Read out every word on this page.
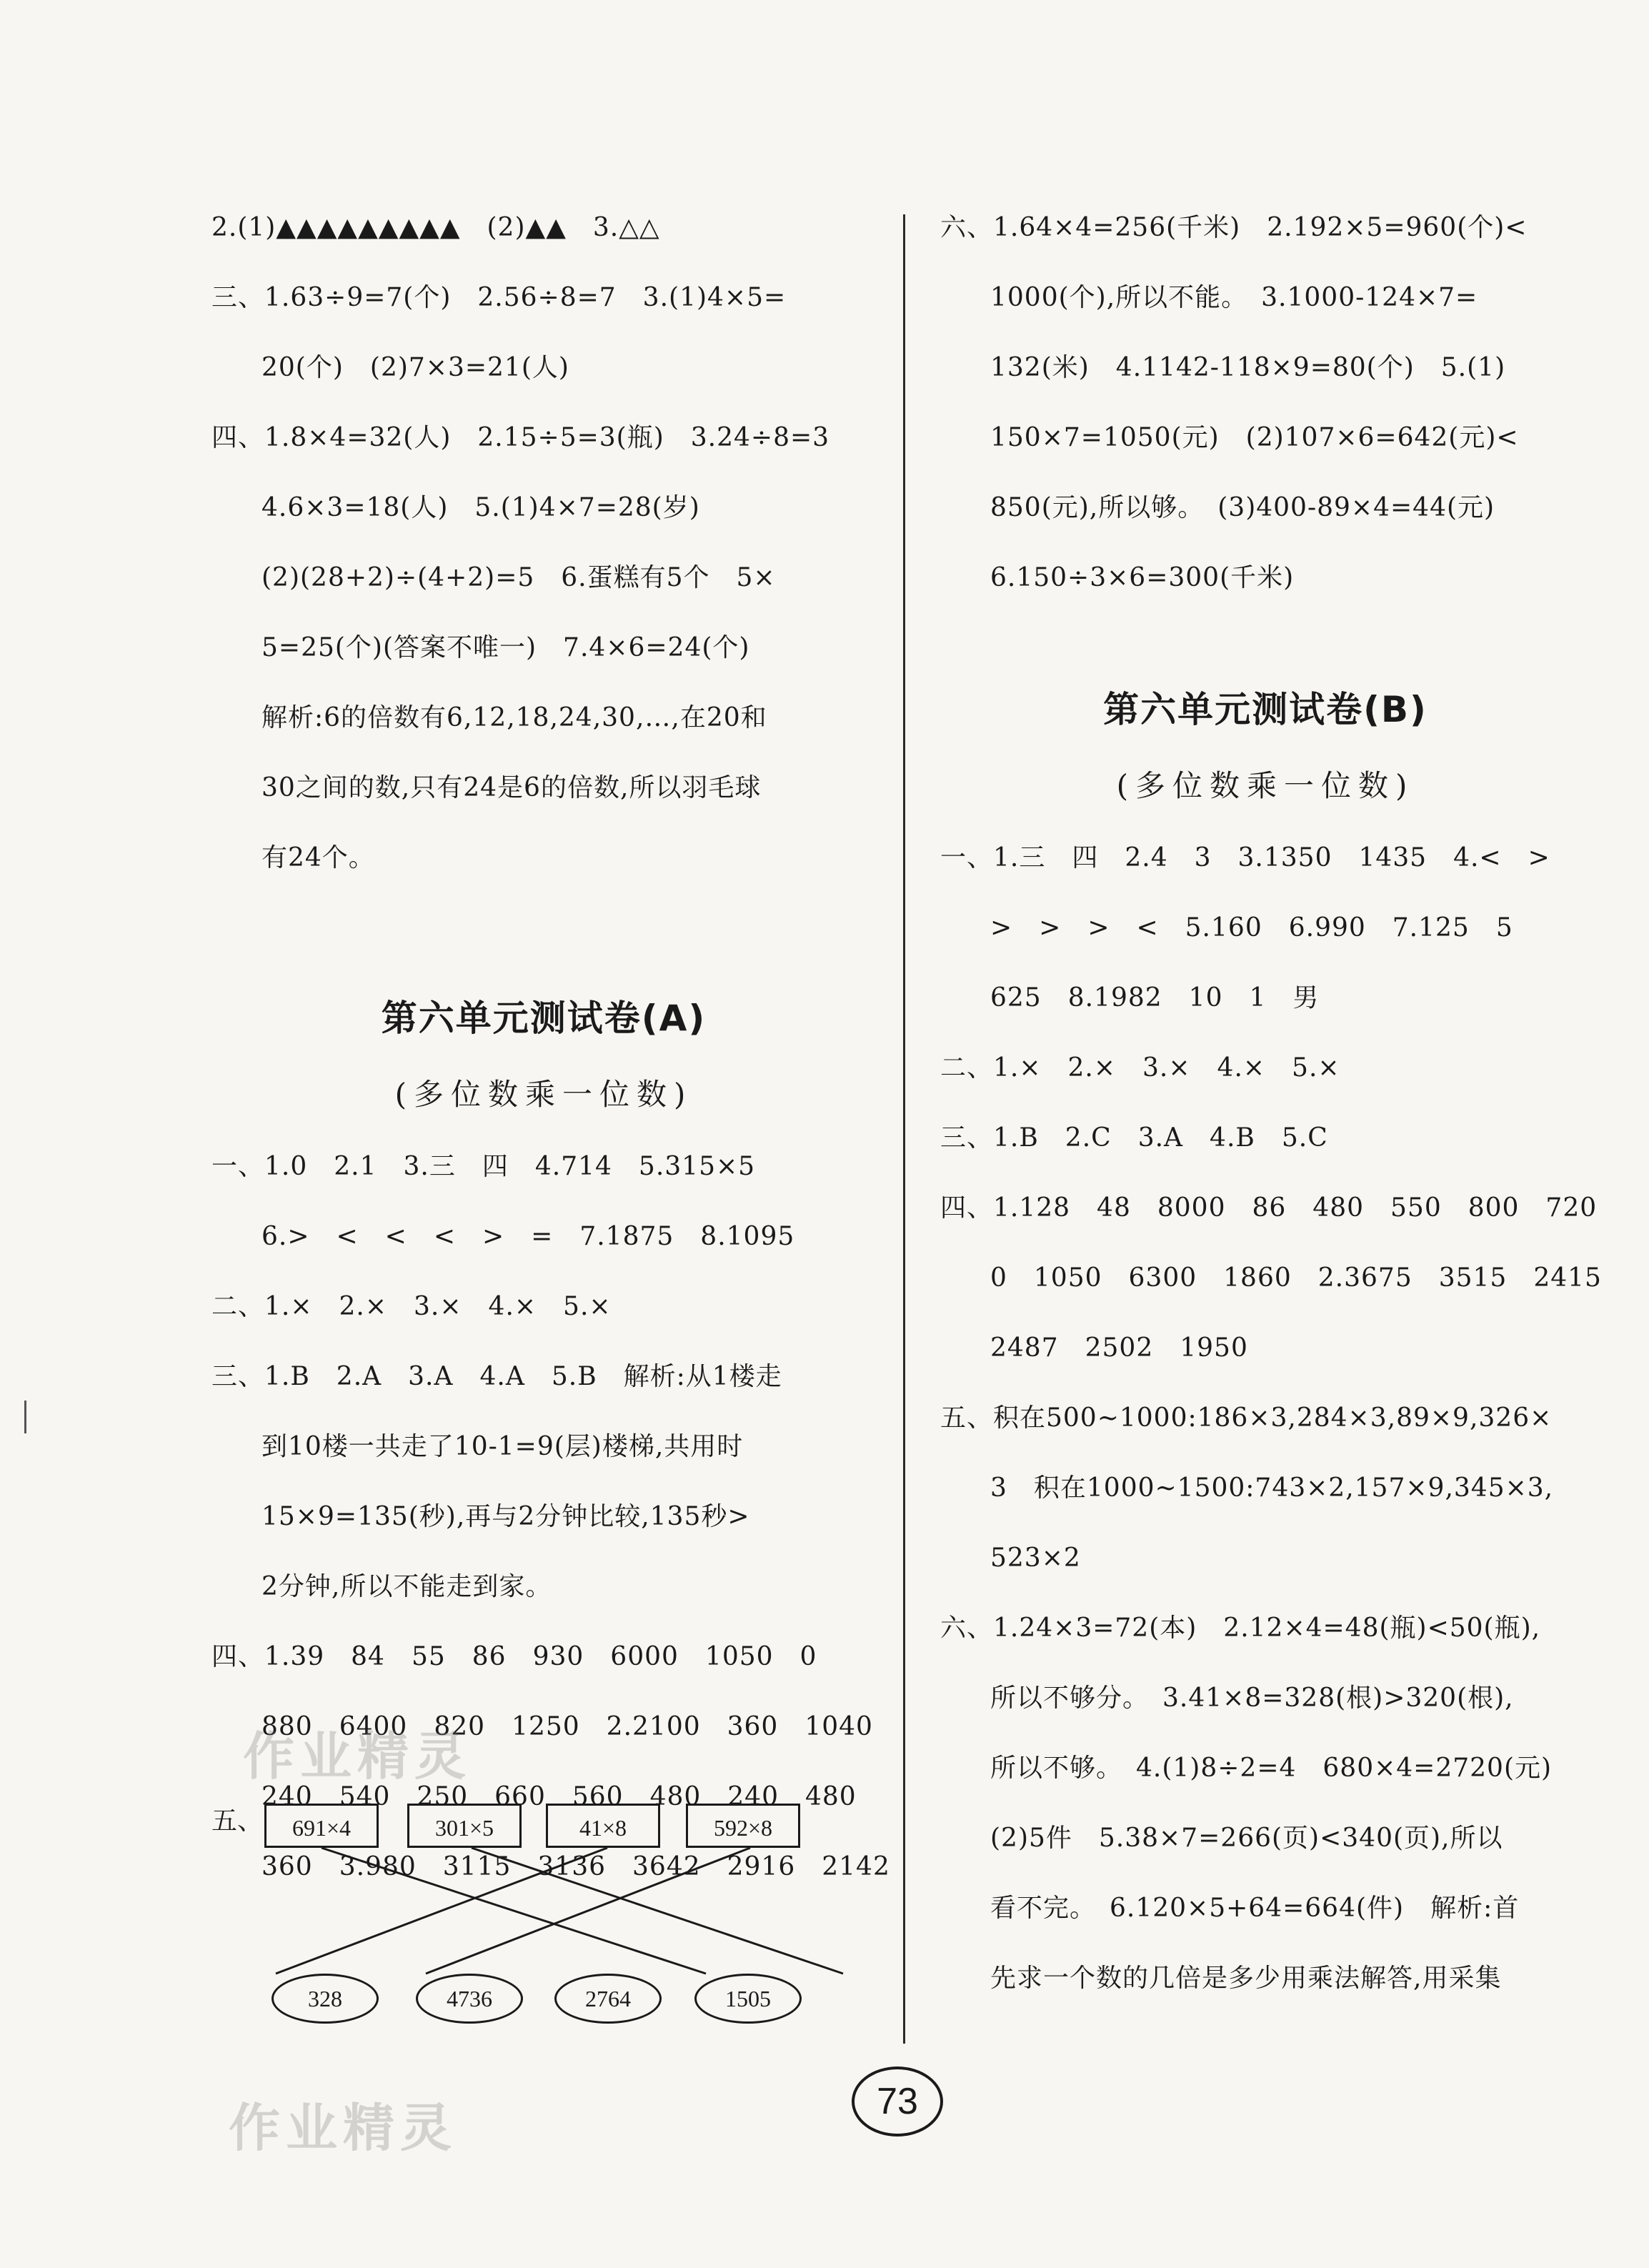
2.(1)▲▲▲▲▲▲▲▲▲　(2)▲▲　3.△△
三、1.63÷9=7(个)　2.56÷8=7　3.(1)4×5=
20(个)　(2)7×3=21(人)
四、1.8×4=32(人)　2.15÷5=3(瓶)　3.24÷8=3
4.6×3=18(人)　5.(1)4×7=28(岁)
(2)(28+2)÷(4+2)=5　6.蛋糕有5个　5×
5=25(个)(答案不唯一)　7.4×6=24(个)
解析:6的倍数有6,12,18,24,30,…,在20和
30之间的数,只有24是6的倍数,所以羽毛球
有24个。
第六单元测试卷(A)
(多位数乘一位数)
一、1.0　2.1　3.三　四　4.714　5.315×5
6.>　<　<　<　>　=　7.1875　8.1095
二、1.×　2.×　3.×　4.×　5.×
三、1.B　2.A　3.A　4.A　5.B　解析:从1楼走
到10楼一共走了10-1=9(层)楼梯,共用时
15×9=135(秒),再与2分钟比较,135秒>
2分钟,所以不能走到家。
四、1.39　84　55　86　930　6000　1050　0
880　6400　820　1250　2.2100　360　1040
240　540　250　660　560　480　240　480
360　3.980　3115　3136　3642　2916　2142
五、	691×4	301×5	41×8	592×8
328	4736	2764	1505
六、1.64×4=256(千米)　2.192×5=960(个)<
1000(个),所以不能。　3.1000-124×7=
132(米)　4.1142-118×9=80(个)　5.(1)
150×7=1050(元)　(2)107×6=642(元)<
850(元),所以够。　(3)400-89×4=44(元)
6.150÷3×6=300(千米)
第六单元测试卷(B)
(多位数乘一位数)
一、1.三　四　2.4　3　3.1350　1435　4.<　>
>　>　>　<　5.160　6.990　7.125　5
625　8.1982　10　1　男
二、1.×　2.×　3.×　4.×　5.×
三、1.B　2.C　3.A　4.B　5.C
四、1.128　48　8000　86　480　550　800　720
0　1050　6300　1860　2.3675　3515　2415
2487　2502　1950
五、积在500~1000:186×3,284×3,89×9,326×
3　积在1000~1500:743×2,157×9,345×3,
523×2
六、1.24×3=72(本)　2.12×4=48(瓶)<50(瓶),
所以不够分。　3.41×8=328(根)>320(根),
所以不够。　4.(1)8÷2=4　680×4=2720(元)
(2)5件　5.38×7=266(页)<340(页),所以
看不完。　6.120×5+64=664(件)　解析:首
先求一个数的几倍是多少用乘法解答,用采集
73
作业精灵
作业精灵
